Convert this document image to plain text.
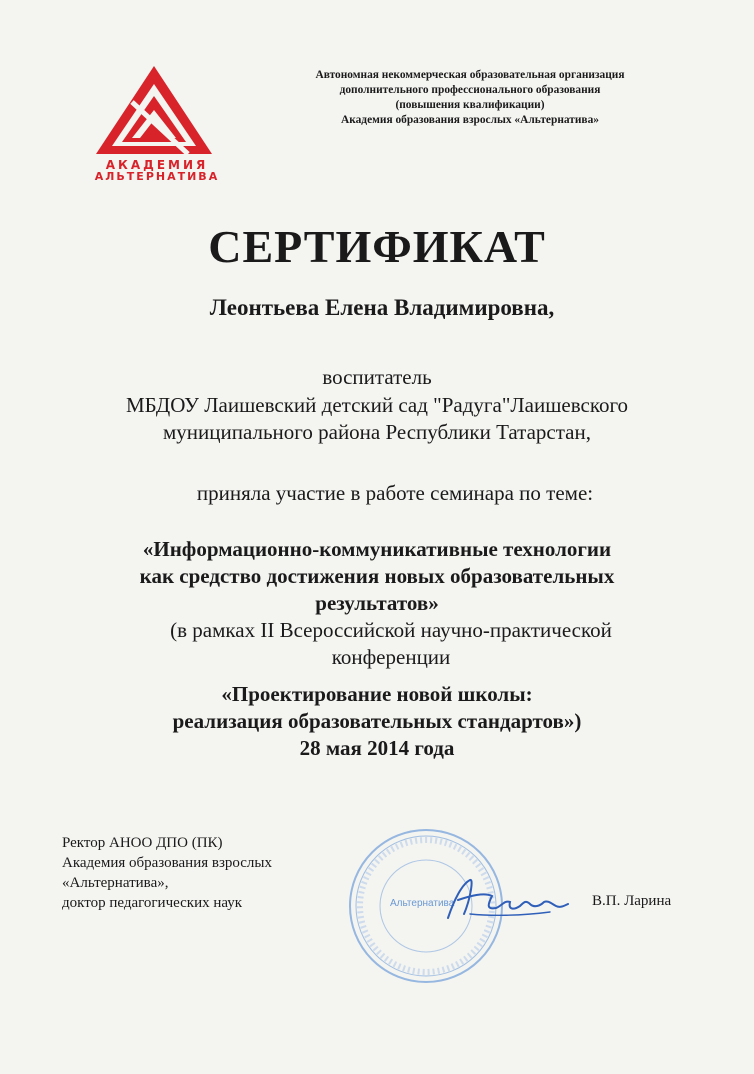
АКАДЕМИЯ
АЛЬТЕРНАТИВА
Автономная некоммерческая образовательная организация
дополнительного профессионального образования
(повышения квалификации)
Академия образования взрослых «Альтернатива»
СЕРТИФИКАТ
Леонтьева Елена Владимировна,
воспитатель
МБДОУ Лаишевский детский сад "Радуга"Лаишевского
муниципального района Республики Татарстан,
приняла участие в работе семинара по теме:
«Информационно-коммуникативные технологии
как средство достижения новых образовательных
результатов»
(в рамках II Всероссийской научно-практической
конференции
«Проектирование новой школы:
реализация образовательных стандартов»)
28 мая 2014 года
Ректор АНОО ДПО (ПК)
Академия образования взрослых
«Альтернатива»,
доктор педагогических наук	Альтернатива	В.П. Ларина
